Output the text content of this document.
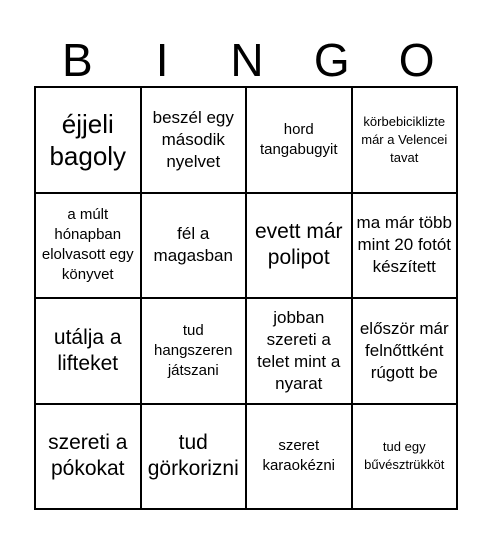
B	I	N	G	O
éjjeli bagoly
beszél egy második nyelvet
hord tangabugyit
körbebiciklizte már a Velencei tavat
a múlt hónapban elolvasott egy könyvet
fél a magasban
evett már polipot
ma már több mint 20 fotót készített
utálja a lifteket
tud hangszeren játszani
jobban szereti a telet mint a nyarat
először már felnőttként rúgott be
szereti a pókokat
tud görkorizni
szeret karaokézni
tud egy bűvésztrükköt
